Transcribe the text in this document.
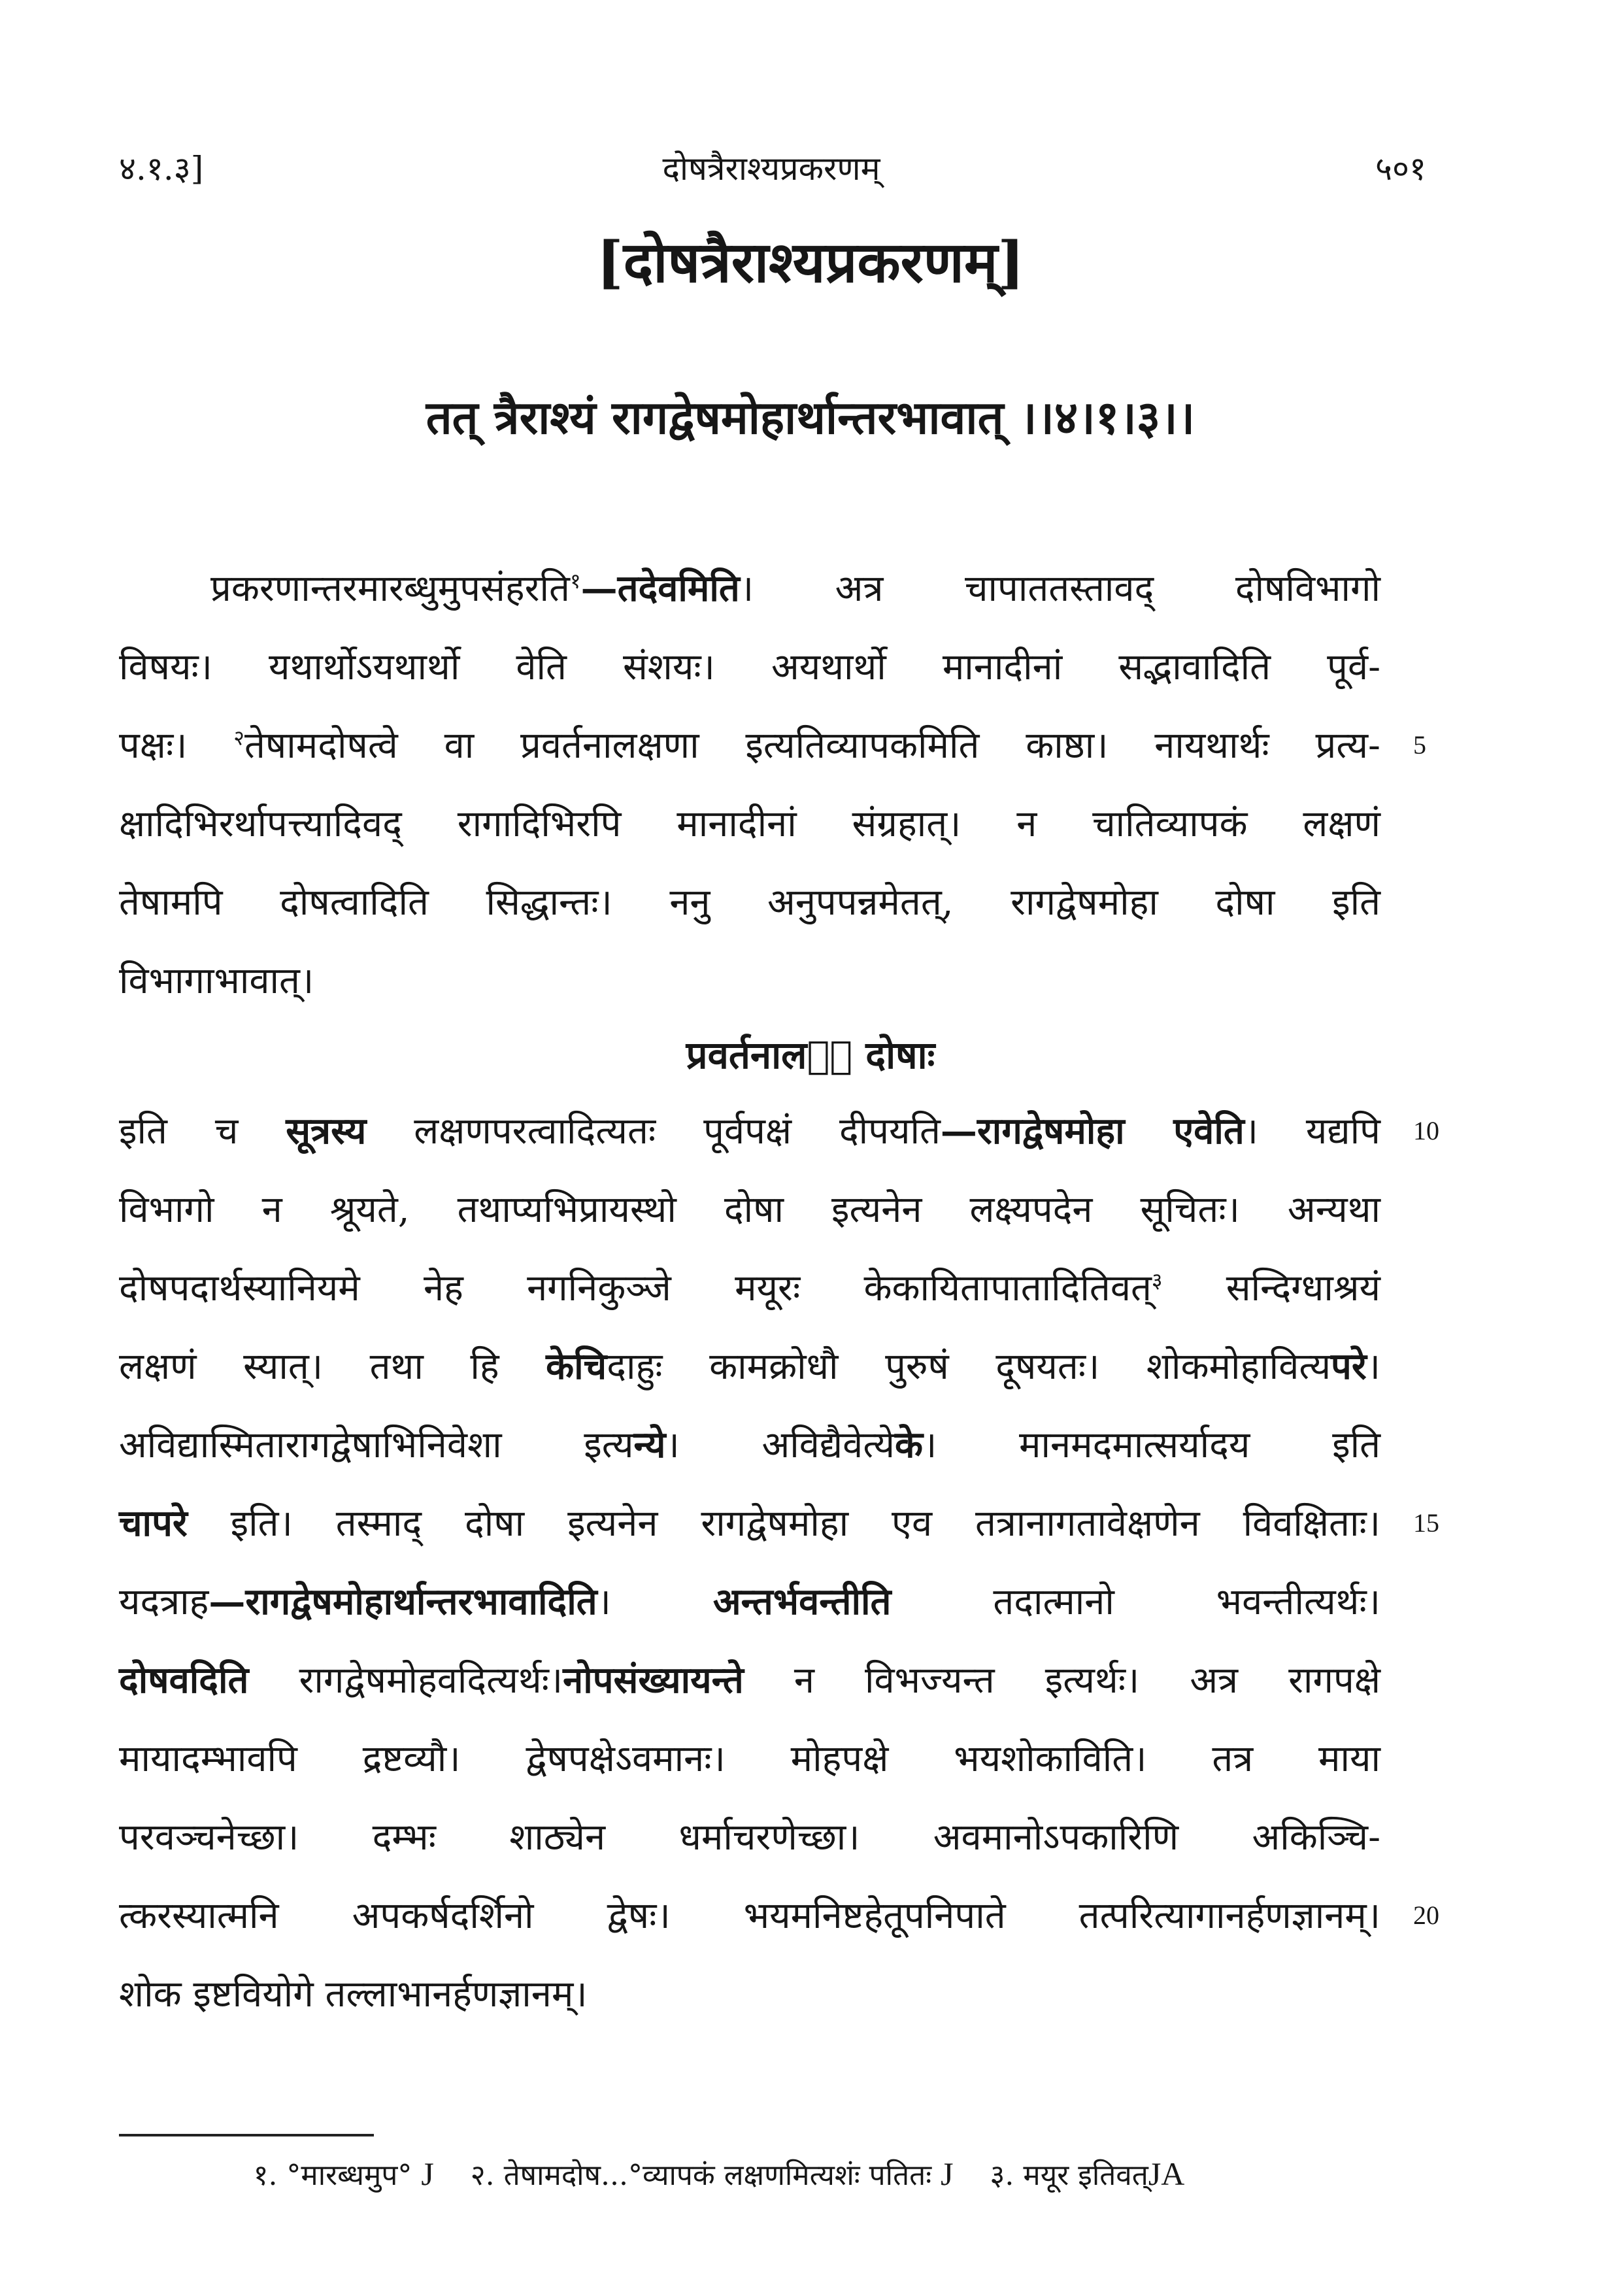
४.१.३]	दोषत्रैराश्यप्रकरणम्	५०१
[दोषत्रैराश्यप्रकरणम्]
तत् त्रैराश्यं रागद्वेषमोहार्थान्तरभावात् ।।४।१।३।।
प्रकरणान्तरमारब्धुमुपसंहरति$^१$—तदेवमिति। अत्र चापाततस्तावद् दोषविभागो
विषयः। यथार्थोऽयथार्थो वेति संशयः। अयथार्थो मानादीनां सद्भावादिति पूर्व-
पक्षः। $^२$तेषामदोषत्वे वा प्रवर्तनालक्षणा इत्यतिव्यापकमिति काष्ठा। नायथार्थः प्रत्य-
क्षादिभिरर्थापत्त्यादिवद् रागादिभिरपि मानादीनां संग्रहात्। न चातिव्यापकं लक्षणं
तेषामपि दोषत्वादिति सिद्धान्तः। ननु अनुपपन्नमेतत्, रागद्वेषमोहा दोषा इति
विभागाभावात्।
प्रवर्तनाल✱ा दोषाः
इति च सूत्रस्य लक्षणपरत्वादित्यतः पूर्वपक्षं दीपयति—रागद्वेषमोहा एवेति। यद्यपि
विभागो न श्रूयते, तथाप्यभिप्रायस्थो दोषा इत्यनेन लक्ष्यपदेन सूचितः। अन्यथा
दोषपदार्थस्यानियमे नेह नगनिकुञ्जे मयूरः केकायितापातादितिवत्$^३$ सन्दिग्धाश्रयं
लक्षणं स्यात्। तथा हि केचिदाहुः कामक्रोधौ पुरुषं दूषयतः। शोकमोहावित्यपरे।
अविद्यास्मितारागद्वेषाभिनिवेशा इत्यन्ये। अविद्यैवेत्येके। मानमदमात्सर्यादय इति
चापरे इति। तस्माद् दोषा इत्यनेन रागद्वेषमोहा एव तत्रानागतावेक्षणेन विवक्षिताः।
यदत्राह—रागद्वेषमोहार्थान्तरभावादिति। अन्तर्भवन्तीति तदात्मानो भवन्तीत्यर्थः।
दोषवदिति रागद्वेषमोहवदित्यर्थः।नोपसंख्यायन्ते न विभज्यन्त इत्यर्थः। अत्र रागपक्षे
मायादम्भावपि द्रष्टव्यौ। द्वेषपक्षेऽवमानः। मोहपक्षे भयशोकाविति। तत्र माया
परवञ्चनेच्छा। दम्भः शाठ्येन धर्माचरणेच्छा। अवमानोऽपकारिणि अकिञ्चि-
त्करस्यात्मनि अपकर्षदर्शिनो द्वेषः। भयमनिष्टहेतूपनिपाते तत्परित्यागानर्हणज्ञानम्।
शोक इष्टवियोगे तल्लाभानर्हणज्ञानम्।
5
10
15
20
१. °मारब्धमुप° J २. तेषामदोष...°व्यापकं लक्षणमित्यशंः पतितः J ३. मयूर इतिवत्JA
